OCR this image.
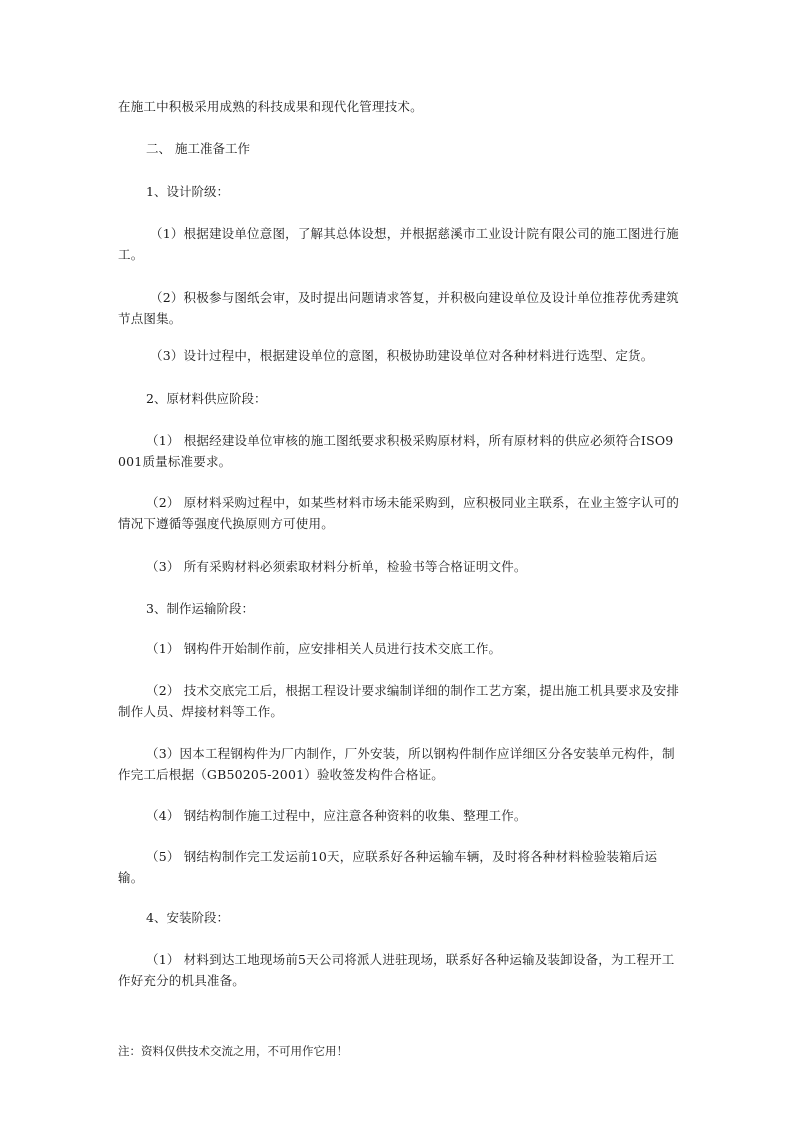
在施工中积极采用成熟的科技成果和现代化管理技术。

二、 施工准备工作

1、设计阶级：

（1）根据建设单位意图，了解其总体设想，并根据慈溪市工业设计院有限公司的施工图进行施工。

（2）积极参与图纸会审，及时提出问题请求答复，并积极向建设单位及设计单位推荐优秀建筑节点图集。

（3）设计过程中，根据建设单位的意图，积极协助建设单位对各种材料进行选型、定货。

2、原材料供应阶段：

（1） 根据经建设单位审核的施工图纸要求积极采购原材料，所有原材料的供应必须符合ISO9001质量标准要求。

（2） 原材料采购过程中，如某些材料市场未能采购到，应积极同业主联系，在业主签字认可的情况下遵循等强度代换原则方可使用。

（3） 所有采购材料必须索取材料分析单，检验书等合格证明文件。

3、制作运输阶段：

（1） 钢构件开始制作前，应安排相关人员进行技术交底工作。

（2） 技术交底完工后，根据工程设计要求编制详细的制作工艺方案，提出施工机具要求及安排制作人员、焊接材料等工作。

（3）因本工程钢构件为厂内制作，厂外安装，所以钢构件制作应详细区分各安装单元构件，制作完工后根据（GB50205-2001）验收签发构件合格证。

（4） 钢结构制作施工过程中，应注意各种资料的收集、整理工作。

（5） 钢结构制作完工发运前10天，应联系好各种运输车辆，及时将各种材料检验装箱后运输。

4、安装阶段：

（1） 材料到达工地现场前5天公司将派人进驻现场，联系好各种运输及装卸设备，为工程开工作好充分的机具准备。

注：资料仅供技术交流之用，不可用作它用！
